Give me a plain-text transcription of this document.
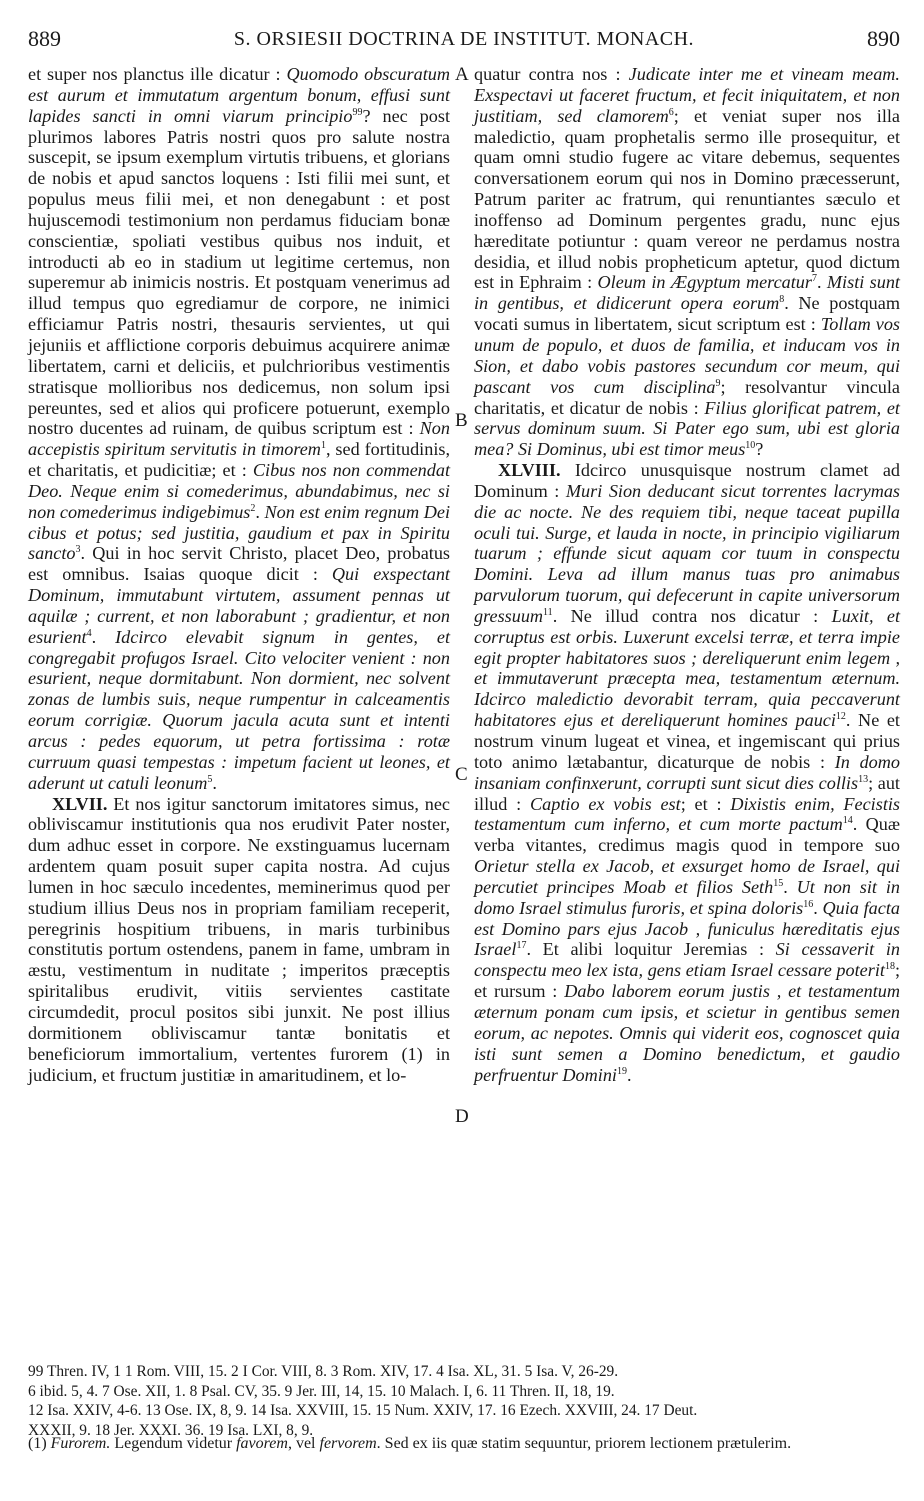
889	S. ORSIESII DOCTRINA DE INSTITUT. MONACH.	890

et super nos planctus ille dicatur : Quomodo obscuratum est aurum et immutatum argentum bonum, effusi sunt lapides sancti in omni viarum principio$^{99}$? nec post plurimos labores Patris nostri quos pro salute nostra suscepit, se ipsum exemplum virtutis tribuens, et glorians de nobis et apud sanctos loquens : Isti filii mei sunt, et populus meus filii mei, et non denegabunt : et post hujuscemodi testimonium non perdamus fiduciam bonæ conscientiæ, spoliati vestibus quibus nos induit, et introducti ab eo in stadium ut legitime certemus, non superemur ab inimicis nostris. Et postquam venerimus ad illud tempus quo egrediamur de corpore, ne inimici efficiamur Patris nostri, thesauris servientes, ut qui jejuniis et afflictione corporis debuimus acquirere animæ libertatem, carni et deliciis, et pulchrioribus vestimentis stratisque mollioribus nos dedicemus, non solum ipsi pereuntes, sed et alios qui proficere potuerunt, exemplo nostro ducentes ad ruinam, de quibus scriptum est : Non accepistis spiritum servitutis in timorem$^1$, sed fortitudinis, et charitatis, et pudicitiæ; et : Cibus nos non commendat Deo. Neque enim si comederimus, abundabimus, nec si non comederimus indigebimus$^2$. Non est enim regnum Dei cibus et potus; sed justitia, gaudium et pax in Spiritu sancto$^3$. Qui in hoc servit Christo, placet Deo, probatus est omnibus. Isaias quoque dicit : Qui exspectant Dominum, immutabunt virtutem, assument pennas ut aquilæ ; current, et non laborabunt ; gradientur, et non esurient$^4$. Idcirco elevabit signum in gentes, et congregabit profugos Israel. Cito velociter venient : non esurient, neque dormitabunt. Non dormient, nec solvent zonas de lumbis suis, neque rumpentur in calceamentis eorum corrigiæ. Quorum jacula acuta sunt et intenti arcus : pedes equorum, ut petra fortissima : rotæ curruum quasi tempestas : impetum facient ut leones, et aderunt ut catuli leonum$^5$.

XLVII. Et nos igitur sanctorum imitatores simus, nec obliviscamur institutionis qua nos erudivit Pater noster, dum adhuc esset in corpore. Ne exstinguamus lucernam ardentem quam posuit super capita nostra. Ad cujus lumen in hoc sæculo incedentes, meminerimus quod per studium illius Deus nos in propriam familiam receperit, peregrinis hospitium tribuens, in maris turbinibus constitutis portum ostendens, panem in fame, umbram in æstu, vestimentum in nuditate ; imperitos præceptis spiritalibus erudivit, vitiis servientes castitate circumdedit, procul positos sibi junxit. Ne post illius dormitionem obliviscamur tantæ bonitatis et beneficiorum immortalium, vertentes furorem (1) in judicium, et fructum justitiæ in amaritudinem, et lo-

quatur contra nos : Judicate inter me et vineam meam. Exspectavi ut faceret fructum, et fecit iniquitatem, et non justitiam, sed clamorem$^6$; et veniat super nos illa maledictio, quam prophetalis sermo ille prosequitur, et quam omni studio fugere ac vitare debemus, sequentes conversationem eorum qui nos in Domino præcesserunt, Patrum pariter ac fratrum, qui renuntiantes sæculo et inoffenso ad Dominum pergentes gradu, nunc ejus hæreditate potiuntur : quam vereor ne perdamus nostra desidia, et illud nobis propheticum aptetur, quod dictum est in Ephraim : Oleum in Ægyptum mercatur$^7$. Misti sunt in gentibus, et didicerunt opera eorum$^8$. Ne postquam vocati sumus in libertatem, sicut scriptum est : Tollam vos unum de populo, et duos de familia, et inducam vos in Sion, et dabo vobis pastores secundum cor meum, qui pascant vos cum disciplina$^9$; resolvantur vincula charitatis, et dicatur de nobis : Filius glorificat patrem, et servus dominum suum. Si Pater ego sum, ubi est gloria mea? Si Dominus, ubi est timor meus$^{10}$?

XLVIII. Idcirco unusquisque nostrum clamet ad Dominum : Muri Sion deducant sicut torrentes lacrymas die ac nocte. Ne des requiem tibi, neque taceat pupilla oculi tui. Surge, et lauda in nocte, in principio vigiliarum tuarum ; effunde sicut aquam cor tuum in conspectu Domini. Leva ad illum manus tuas pro animabus parvulorum tuorum, qui defecerunt in capite universorum gressuum$^{11}$. Ne illud contra nos dicatur : Luxit, et corruptus est orbis. Luxerunt excelsi terræ, et terra impie egit propter habitatores suos ; dereliquerunt enim legem , et immutaverunt præcepta mea, testamentum æternum. Idcirco maledictio devorabit terram, quia peccaverunt habitatores ejus et dereliquerunt homines pauci$^{12}$. Ne et nostrum vinum lugeat et vinea, et ingemiscant qui prius toto animo lætabantur, dicaturque de nobis : In domo insaniam confinxerunt, corrupti sunt sicut dies collis$^{13}$; aut illud : Captio ex vobis est; et : Dixistis enim, Fecistis testamentum cum inferno, et cum morte pactum$^{14}$. Quæ verba vitantes, credimus magis quod in tempore suo Orietur stella ex Jacob, et exsurget homo de Israel, qui percutiet principes Moab et filios Seth$^{15}$. Ut non sit in domo Israel stimulus furoris, et spina doloris$^{16}$. Quia facta est Domino pars ejus Jacob , funiculus hæreditatis ejus Israel$^{17}$. Et alibi loquitur Jeremias : Si cessaverit in conspectu meo lex ista, gens etiam Israel cessare poterit$^{18}$; et rursum : Dabo laborem eorum justis , et testamentum æternum ponam cum ipsis, et scietur in gentibus semen eorum, ac nepotes. Omnis qui viderit eos, cognoscet quia isti sunt semen a Domino benedictum, et gaudio perfruentur Domini$^{19}$.

A
B
C
D

99 Thren. IV, 1 1 Rom. VIII, 15. 2 I Cor. VIII, 8. 3 Rom. XIV, 17. 4 Isa. XL, 31. 5 Isa. V, 26-29.

6 ibid. 5, 4. 7 Ose. XII, 1. 8 Psal. CV, 35. 9 Jer. III, 14, 15. 10 Malach. I, 6. 11 Thren. II, 18, 19.

12 Isa. XXIV, 4-6. 13 Ose. IX, 8, 9. 14 Isa. XXVIII, 15. 15 Num. XXIV, 17. 16 Ezech. XXVIII, 24. 17 Deut.

XXXII, 9. 18 Jer. XXXI. 36. 19 Isa. LXI, 8, 9.

(1) Furorem. Legendum videtur favorem, vel fervorem. Sed ex iis quæ statim sequuntur, priorem lectionem prætulerim.
